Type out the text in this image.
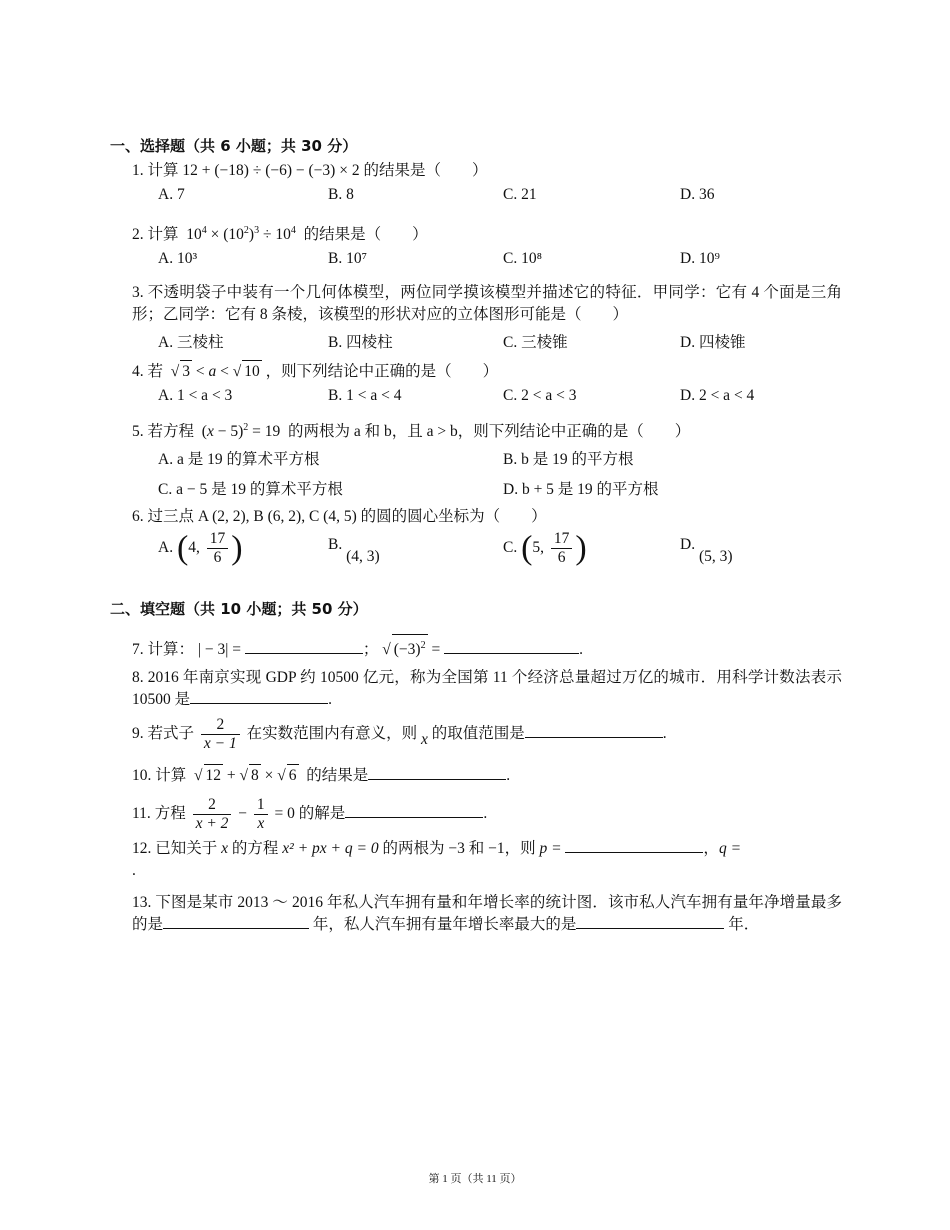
一、选择题（共 6 小题；共 30 分）
1. 计算 12 + (−18) ÷ (−6) − (−3) × 2 的结果是（　　）
A. 7	B. 8	C. 21	D. 36
2. 计算  $10^4 \times (10^2)^3 \div 10^4$ 的结果是（　　）
A. 10³	B. 10⁷	C. 10⁸	D. 10⁹
3. 不透明袋子中装有一个几何体模型，两位同学摸该模型并描述它的特征．甲同学：它有 4 个面是三角形；乙同学：它有 8 条棱，该模型的形状对应的立体图形可能是（　　）
A. 三棱柱	B. 四棱柱	C. 三棱锥	D. 四棱锥
4. 若  √ 3 < a < √ 10 ，则下列结论中正确的是（　　）
A. 1 < a < 3	B. 1 < a < 4	C. 2 < a < 3	D. 2 < a < 4
5. 若方程  $(x - 5)^2 = 19$  的两根为 a 和 b，且 a > b，则下列结论中正确的是（　　）
A. a 是 19 的算术平方根	B. b 是 19 的平方根
C. a − 5 是 19 的算术平方根	D. b + 5 是 19 的平方根
6. 过三点 A (2, 2), B (6, 2), C (4, 5) 的圆的圆心坐标为（　　）
A. (4, $\frac{17}{6}$ )	B. (4, 3)
C. (5, $\frac{17}{6}$ )	D. (5, 3)
二、填空题（共 10 小题；共 50 分）
7. 计算： | − 3| =	； √ $(-3)^2$ =	.
8. 2016 年南京实现 GDP 约 10500 亿元，称为全国第 11 个经济总量超过万亿的城市．用科学计数法表示 10500 是	.
9. 若式子 $\frac{2}{x - 1}$ 在实数范围内有意义，则 x 的取值范围是	.
10. 计算  √ 12 + √ 8 × √ 6 的结果是	.
11. 方程 $\frac{2}{x + 2} - \frac{1}{x} = 0$ 的解是	.
12. 已知关于 x 的方程 x² + px + q = 0 的两根为 −3 和 −1，则 p =	，q =
.
13. 下图是某市 2013 ～ 2016 年私人汽车拥有量和年增长率的统计图．该市私人汽车拥有量年净增量最多的是	年，私人汽车拥有量年增长率最大的是	年．
第 1 页（共 11 页）
